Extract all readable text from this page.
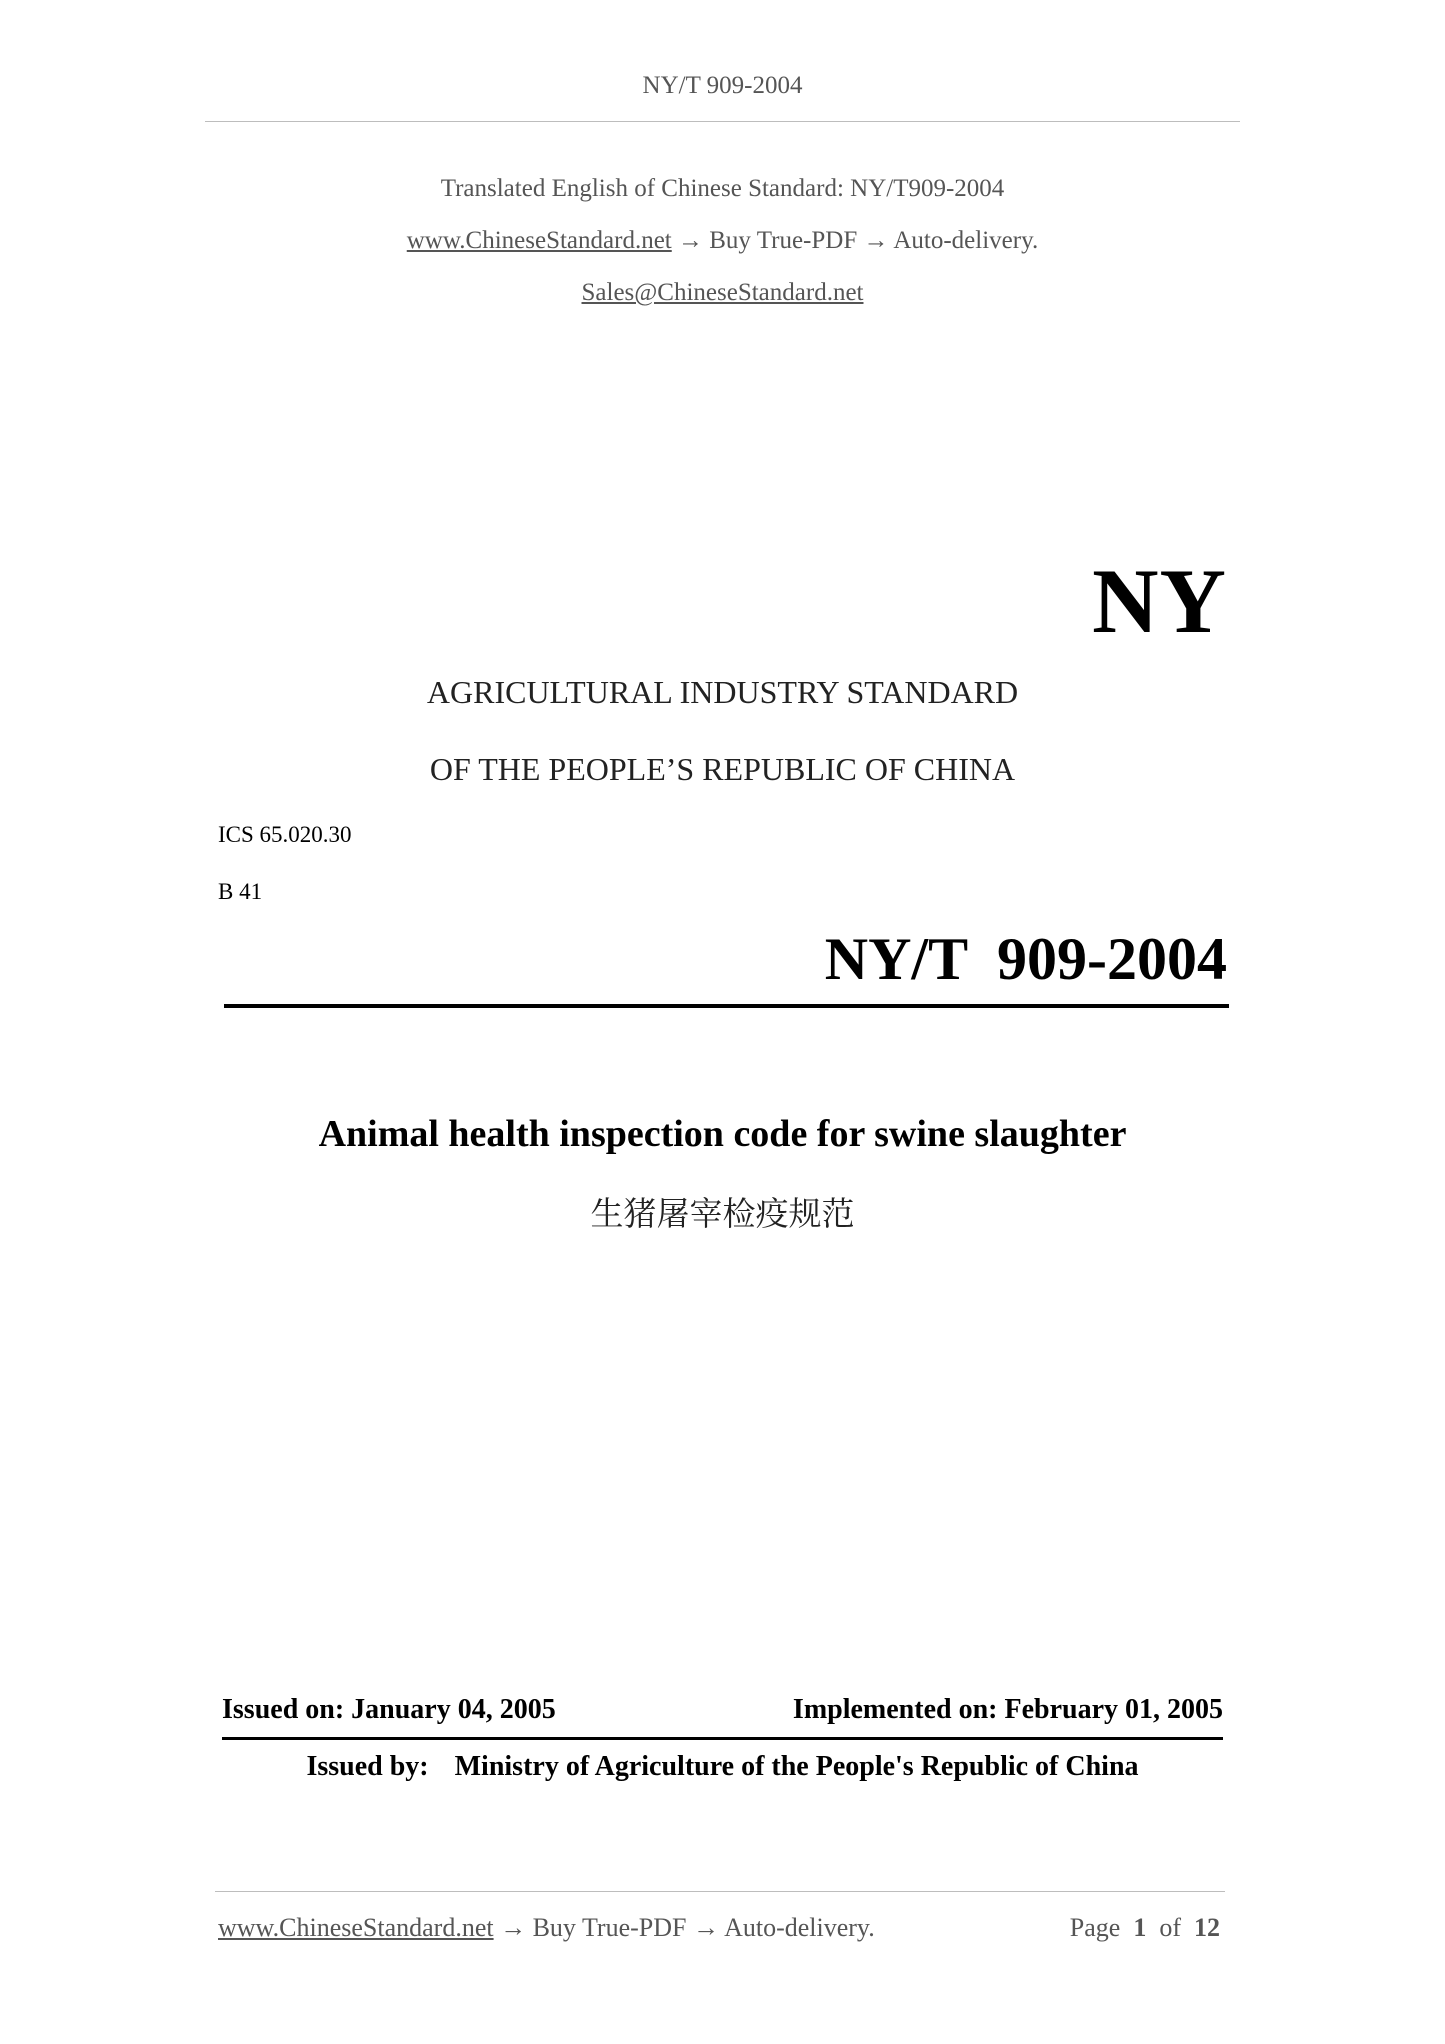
NY/T 909-2004
Translated English of Chinese Standard: NY/T909-2004
www.ChineseStandard.net → Buy True-PDF → Auto-delivery.
Sales@ChineseStandard.net
NY
AGRICULTURAL INDUSTRY STANDARD
OF THE PEOPLE’S REPUBLIC OF CHINA
ICS 65.020.30
B 41
NY/T  909-2004
Animal health inspection code for swine slaughter
生猪屠宰检疫规范
Issued on: January 04, 2005	Implemented on: February 01, 2005
Issued by: Ministry of Agriculture of the People's Republic of China
www.ChineseStandard.net → Buy True-PDF → Auto-delivery.	Page 1 of 12
